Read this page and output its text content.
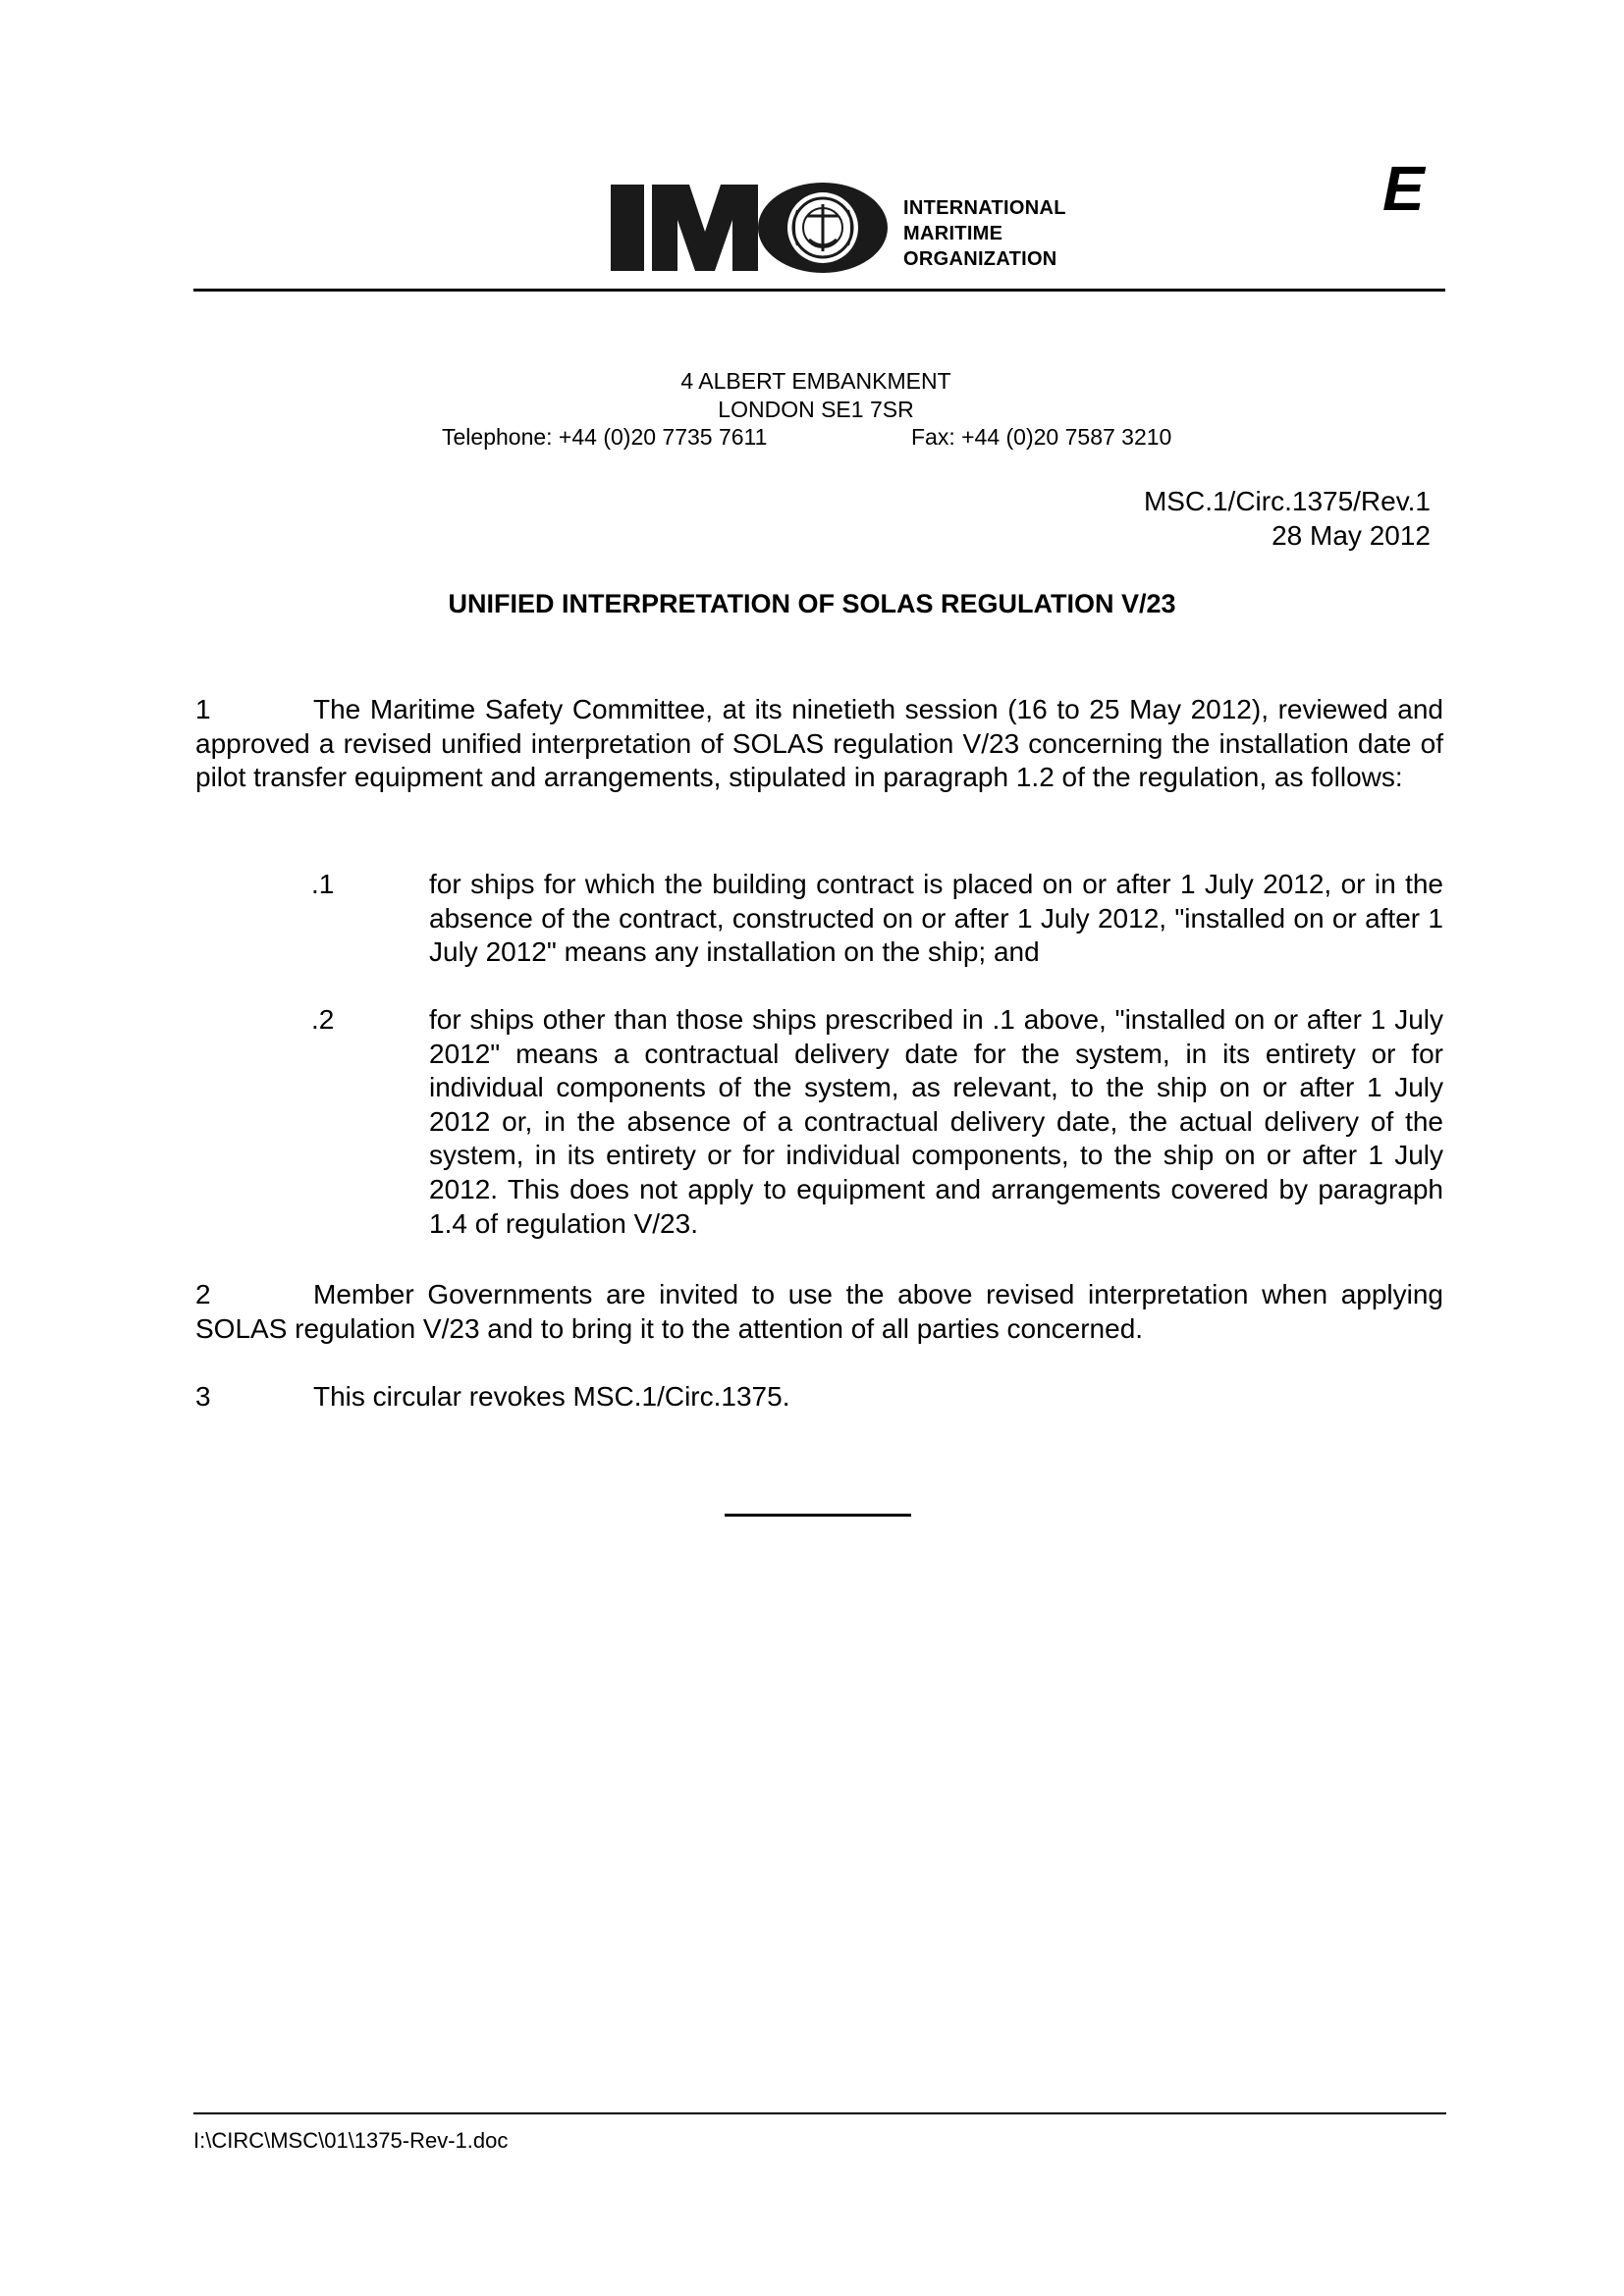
INTERNATIONAL
MARITIME
ORGANIZATION
E
4 ALBERT EMBANKMENT
LONDON SE1 7SR
Telephone: +44 (0)20 7735 7611	Fax: +44 (0)20 7587 3210
MSC.1/Circ.1375/Rev.1
28 May 2012
UNIFIED INTERPRETATION OF SOLAS REGULATION V/23
1	The Maritime Safety Committee, at its ninetieth session (16 to 25 May 2012), reviewed and approved a revised unified interpretation of SOLAS regulation V/23 concerning the installation date of pilot transfer equipment and arrangements, stipulated in paragraph 1.2 of the regulation, as follows:
.1	for ships for which the building contract is placed on or after 1 July 2012, or in the absence of the contract, constructed on or after 1 July 2012, "installed on or after 1 July 2012" means any installation on the ship; and
.2	for ships other than those ships prescribed in .1 above, "installed on or after 1 July 2012" means a contractual delivery date for the system, in its entirety or for individual components of the system, as relevant, to the ship on or after 1 July 2012 or, in the absence of a contractual delivery date, the actual delivery of the system, in its entirety or for individual components, to the ship on or after 1 July 2012. This does not apply to equipment and arrangements covered by paragraph 1.4 of regulation V/23.
2	Member Governments are invited to use the above revised interpretation when applying SOLAS regulation V/23 and to bring it to the attention of all parties concerned.
3	This circular revokes MSC.1/Circ.1375.
I:\CIRC\MSC\01\1375-Rev-1.doc
